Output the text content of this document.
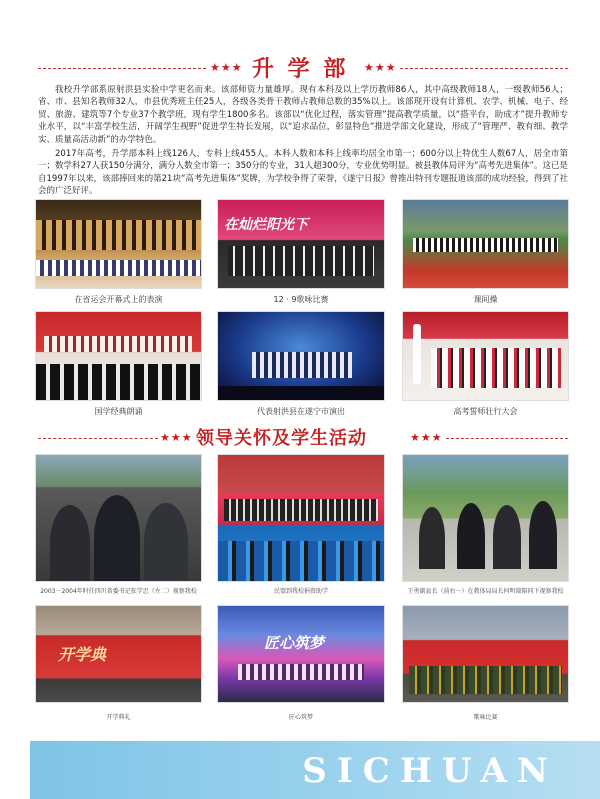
★★★ 升 学 部 ★★★

我校升学部系原射洪县实验中学更名而来。该部师资力量雄厚。现有本科及以上学历教师86人，其中高级教师18人，一级教师56人；省、市、县知名教师32人，市县优秀班主任25人，各级各类骨干教师占教师总数的35%以上。该部现开设有计算机、农学、机械、电子、经贸、旅游、建筑等7个专业37个教学班，现有学生1800多名。该部以“优化过程，落实管理”提高教学质量，以“搭平台，助成才”提升教师专业水平，以“丰富学校生活，开阔学生视野”促进学生特长发展，以“追求品位，彰显特色”推进学部文化建设，形成了“管理严、教有细、教学实、质量高活动新”的办学特色。

2017年高考，升学部本科上线126人，专科上线455人。本科人数和本科上线率均居全市第一；600分以上特优生人数67人，居全市第一；数学科27人获150分满分，满分人数全市第一；350分的专业，31人超300分，专业优势明显。被县教体局评为“高考先进集体”。这已是自1997年以来，该部捧回来的第21块“高考先进集体”奖牌，为学校争得了荣誉，《遂宁日报》曾推出特刊专题报道该部的成功经验，得到了社会的广泛好评。

在省运会开幕式上的表演
在灿烂阳光下
12 · 9歌咏比赛	课间操
国学经典朗诵	代表射洪县在遂宁市演出	高考誓师壮行大会
★★★ 领导关怀及学生活动	★★★
2003－2004年时任四川省委书记张学忠（左二）视察我校	民盟到我校捐资助学	王勇副县长（前右一）在教体局局长何明瑞陪同下视察我校
开学典
开学典礼
匠心筑梦
匠心筑梦	歌咏比赛
SICHUAN
